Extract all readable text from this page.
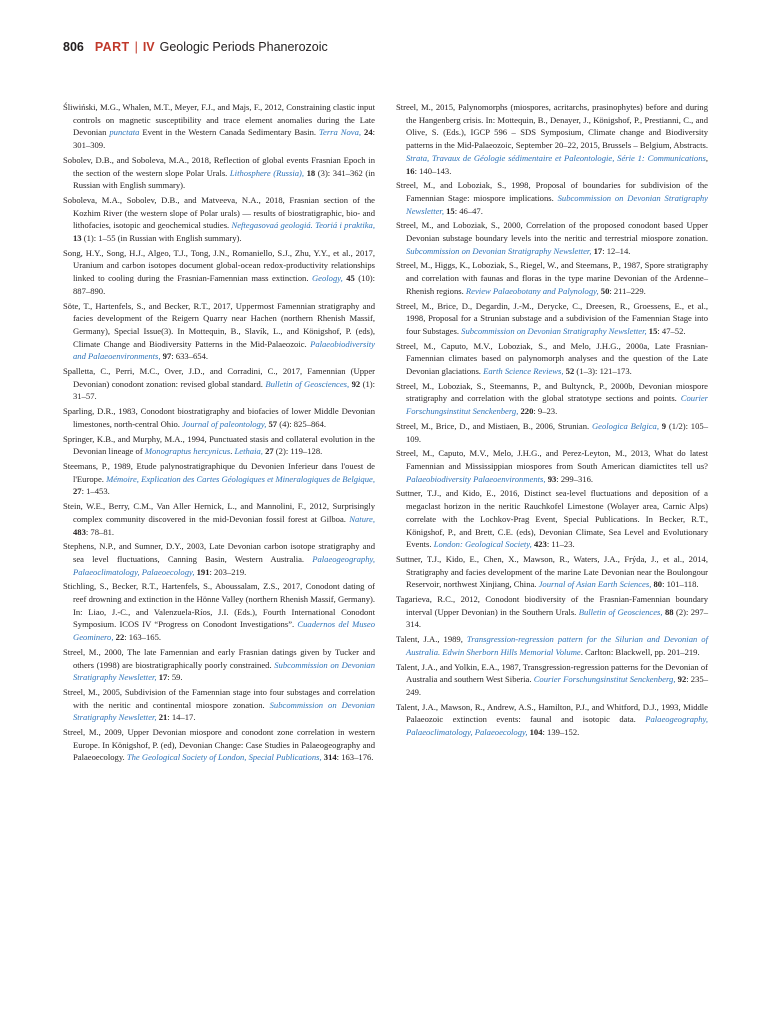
806 PART | IV Geologic Periods Phanerozoic

Śliwiński, M.G., Whalen, M.T., Meyer, F.J., and Majs, F., 2012, Constraining clastic input controls on magnetic susceptibility and trace element anomalies during the Late Devonian punctata Event in the Western Canada Sedimentary Basin. Terra Nova, 24: 301–309.

Sobolev, D.B., and Soboleva, M.A., 2018, Reflection of global events Frasnian Epoch in the section of the western slope Polar Urals. Lithosphere (Russia), 18 (3): 341–362 (in Russian with English summary).

Soboleva, M.A., Sobolev, D.B., and Matveeva, N.A., 2018, Frasnian section of the Kozhim River (the western slope of Polar urals) — results of biostratigraphic, bio- and lithofacies, isotopic and geochemical studies. Neftegasovaá geologiá. Teoriá i praktika, 13 (1): 1–55 (in Russian with English summary).

Song, H.Y., Song, H.J., Algeo, T.J., Tong, J.N., Romaniello, S.J., Zhu, Y.Y., et al., 2017, Uranium and carbon isotopes document global-ocean redox-productivity relationships linked to cooling during the Frasnian-Famennian mass extinction. Geology, 45 (10): 887–890.

Söte, T., Hartenfels, S., and Becker, R.T., 2017, Uppermost Famennian stratigraphy and facies development of the Reigern Quarry near Hachen (northern Rhenish Massif, Germany), Special Issue(3). In Mottequin, B., Slavík, L., and Königshof, P. (eds), Climate Change and Biodiversity Patterns in the Mid-Palaeozoic. Palaeobiodiversity and Palaeoenvironments, 97: 633–654.

Spalletta, C., Perri, M.C., Over, J.D., and Corradini, C., 2017, Famennian (Upper Devonian) conodont zonation: revised global standard. Bulletin of Geosciences, 92 (1): 31–57.

Sparling, D.R., 1983, Conodont biostratigraphy and biofacies of lower Middle Devonian limestones, north-central Ohio. Journal of paleontology, 57 (4): 825–864.

Springer, K.B., and Murphy, M.A., 1994, Punctuated stasis and collateral evolution in the Devonian lineage of Monograptus hercynicus. Lethaia, 27 (2): 119–128.

Steemans, P., 1989, Etude palynostratigraphique du Devonien Inferieur dans l'ouest de l'Europe. Mémoire, Explication des Cartes Géologiques et Mineralogiques de Belgique, 27: 1–453.

Stein, W.E., Berry, C.M., Van Aller Hernick, L., and Mannolini, F., 2012, Surprisingly complex community discovered in the mid-Devonian fossil forest at Gilboa. Nature, 483: 78–81.

Stephens, N.P., and Sumner, D.Y., 2003, Late Devonian carbon isotope stratigraphy and sea level fluctuations, Canning Basin, Western Australia. Palaeogeography, Palaeoclimatology, Palaeoecology, 191: 203–219.

Stichling, S., Becker, R.T., Hartenfels, S., Aboussalam, Z.S., 2017, Conodont dating of reef drowning and extinction in the Hönne Valley (northern Rhenish Massif, Germany). In: Liao, J.-C., and Valenzuela-Ríos, J.I. (Eds.), Fourth International Conodont Symposium. ICOS IV “Progress on Conodont Investigations”. Cuadernos del Museo Geominero, 22: 163–165.

Streel, M., 2000, The late Famennian and early Frasnian datings given by Tucker and others (1998) are biostratigraphically poorly constrained. Subcommission on Devonian Stratigraphy Newsletter, 17: 59.

Streel, M., 2005, Subdivision of the Famennian stage into four substages and correlation with the neritic and continental miospore zonation. Subcommission on Devonian Stratigraphy Newsletter, 21: 14–17.

Streel, M., 2009, Upper Devonian miospore and conodont zone correlation in western Europe. In Königshof, P. (ed), Devonian Change: Case Studies in Palaeogeography and Palaeoecology. The Geological Society of London, Special Publications, 314: 163–176.

Streel, M., 2015, Palynomorphs (miospores, acritarchs, prasinophytes) before and during the Hangenberg crisis. In: Mottequin, B., Denayer, J., Königshof, P., Prestianni, C., and Olive, S. (Eds.), IGCP 596 – SDS Symposium, Climate change and Biodiversity patterns in the Mid-Palaeozoic, September 20–22, 2015, Brussels – Belgium, Abstracts. Strata, Travaux de Géologie sédimentaire et Paleontologie, Série 1: Communications, 16: 140–143.

Streel, M., and Loboziak, S., 1998, Proposal of boundaries for subdivision of the Famennian Stage: miospore implications. Subcommission on Devonian Stratigraphy Newsletter, 15: 46–47.

Streel, M., and Loboziak, S., 2000, Correlation of the proposed conodont based Upper Devonian substage boundary levels into the neritic and terrestrial miospore zonation. Subcommission on Devonian Stratigraphy Newsletter, 17: 12–14.

Streel, M., Higgs, K., Loboziak, S., Riegel, W., and Steemans, P., 1987, Spore stratigraphy and correlation with faunas and floras in the type marine Devonian of the Ardenne–Rhenish regions. Review Palaeobotany and Palynology, 50: 211–229.

Streel, M., Brice, D., Degardin, J.-M., Derycke, C., Dreesen, R., Groessens, E., et al., 1998, Proposal for a Strunian substage and a subdivision of the Famennian Stage into four Substages. Subcommission on Devonian Stratigraphy Newsletter, 15: 47–52.

Streel, M., Caputo, M.V., Loboziak, S., and Melo, J.H.G., 2000a, Late Frasnian-Famennian climates based on palynomorph analyses and the question of the Late Devonian glaciations. Earth Science Reviews, 52 (1–3): 121–173.

Streel, M., Loboziak, S., Steemanns, P., and Bultynck, P., 2000b, Devonian miospore stratigraphy and correlation with the global stratotype sections and points. Courier Forschungsinstitut Senckenberg, 220: 9–23.

Streel, M., Brice, D., and Mistiaen, B., 2006, Strunian. Geologica Belgica, 9 (1/2): 105–109.

Streel, M., Caputo, M.V., Melo, J.H.G., and Perez-Leyton, M., 2013, What do latest Famennian and Mississippian miospores from South American diamictites tell us? Palaeobiodiversity Palaeoenvironments, 93: 299–316.

Suttner, T.J., and Kido, E., 2016, Distinct sea-level fluctuations and deposition of a megaclast horizon in the neritic Rauchkofel Limestone (Wolayer area, Carnic Alps) correlate with the Lochkov-Prag Event, Special Publications. In Becker, R.T., Königshof, P., and Brett, C.E. (eds), Devonian Climate, Sea Level and Evolutionary Events. London: Geological Society, 423: 11–23.

Suttner, T.J., Kido, E., Chen, X., Mawson, R., Waters, J.A., Frýda, J., et al., 2014, Stratigraphy and facies development of the marine Late Devonian near the Boulongour Reservoir, northwest Xinjiang, China. Journal of Asian Earth Sciences, 80: 101–118.

Tagarieva, R.C., 2012, Conodont biodiversity of the Frasnian-Famennian boundary interval (Upper Devonian) in the Southern Urals. Bulletin of Geosciences, 88 (2): 297–314.

Talent, J.A., 1989, Transgression-regression pattern for the Silurian and Devonian of Australia. Edwin Sherborn Hills Memorial Volume. Carlton: Blackwell, pp. 201–219.

Talent, J.A., and Yolkin, E.A., 1987, Transgression-regression patterns for the Devonian of Australia and southern West Siberia. Courier Forschungsinstitut Senckenberg, 92: 235–249.

Talent, J.A., Mawson, R., Andrew, A.S., Hamilton, P.J., and Whitford, D.J., 1993, Middle Palaeozoic extinction events: faunal and isotopic data. Palaeogeography, Palaeoclimatology, Palaeoecology, 104: 139–152.
